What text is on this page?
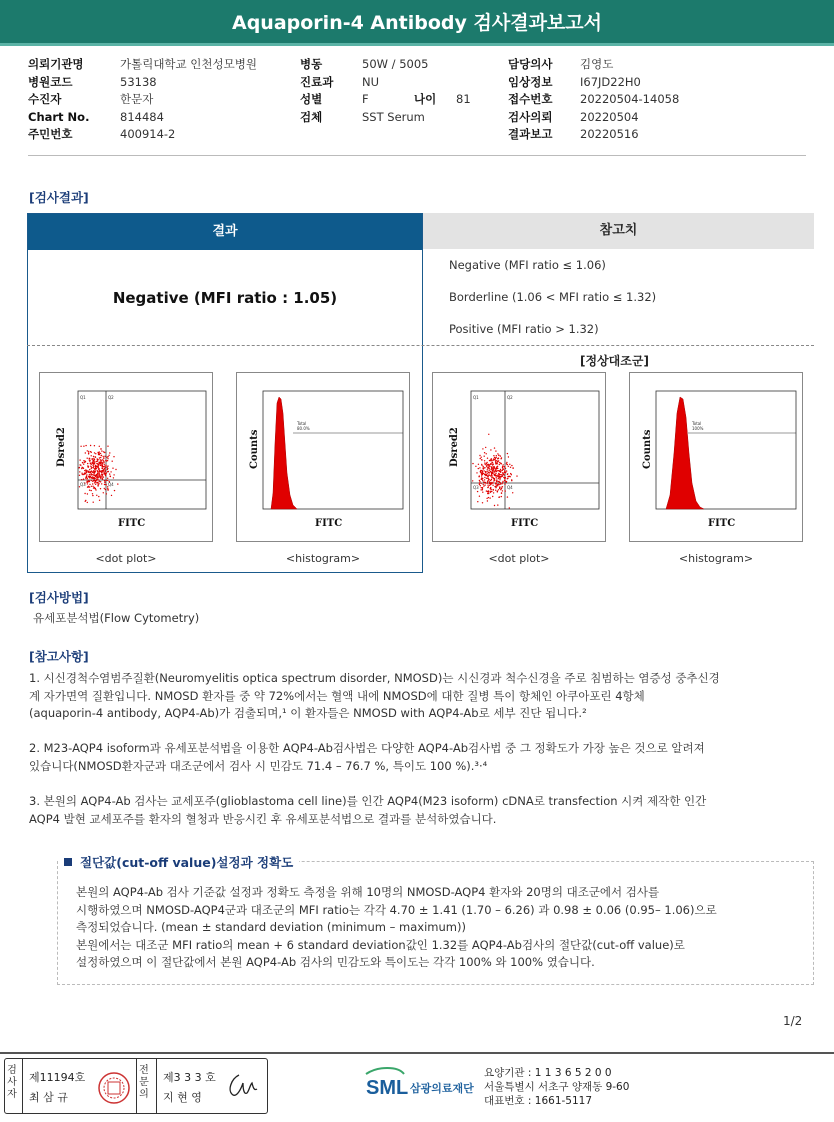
Aquaporin-4 Antibody 검사결과보고서
의뢰기관명	가톨릭대학교 인천성모병원
병원코드	53138
수진자	한문자
Chart No.	814484
주민번호	400914-2
병동	50W / 5005
진료과	NU
성별	F	나이	81
검체	SST Serum
담당의사	김영도
임상정보	I67JD22H0
접수번호	20220504-14058
검사의뢰	20220504
결과보고	20220516
[검사결과]
결과
Negative (MFI ratio : 1.05)
참고치
Negative (MFI ratio ≤ 1.06)
Borderline (1.06 < MFI ratio ≤ 1.32)
Positive (MFI ratio > 1.32)
[정상대조군]
Q1	Q2
Q3	Q4
Dsred2
FITC
<dot plot>
Total
80.0%
Counts
FITC
<histogram>
Q1	Q2
Q3	Q4
Dsred2
FITC
<dot plot>
Total
100%
Counts
FITC
<histogram>
[검사방법]
유세포분석법(Flow Cytometry)
[참고사항]
1. 시신경척수염범주질환(Neuromyelitis optica spectrum disorder, NMOSD)는 시신경과 척수신경을 주로 침범하는 염증성 중추신경
계 자가면역 질환입니다. NMOSD 환자를 중 약 72%에서는 혈액 내에 NMOSD에 대한 질병 특이 항체인 아쿠아포린 4항체
(aquaporin-4 antibody, AQP4-Ab)가 검출되며,¹ 이 환자들은 NMOSD with AQP4-Ab로 세부 진단 됩니다.²
2. M23-AQP4 isoform과 유세포분석법을 이용한 AQP4-Ab검사법은 다양한 AQP4-Ab검사법 중 그 정확도가 가장 높은 것으로 알려져
있습니다(NMOSD환자군과 대조군에서 검사 시 민감도 71.4 – 76.7 %, 특이도 100 %).³·⁴
3. 본원의 AQP4-Ab 검사는 교세포주(glioblastoma cell line)를 인간 AQP4(M23 isoform) cDNA로 transfection 시켜 제작한 인간
AQP4 발현 교세포주를 환자의 혈청과 반응시킨 후 유세포분석법으로 결과를 분석하였습니다.
절단값(cut-off value)설정과 정확도
본원의 AQP4-Ab 검사 기준값 설정과 정확도 측정을 위해 10명의 NMOSD-AQP4 환자와 20명의 대조군에서 검사를
시행하였으며 NMOSD-AQP4군과 대조군의 MFI ratio는 각각 4.70 ± 1.41 (1.70 – 6.26) 과 0.98 ± 0.06 (0.95– 1.06)으로
측정되었습니다. (mean ± standard deviation (minimum – maximum))
본원에서는 대조군 MFI ratio의 mean + 6 standard deviation값인 1.32를 AQP4-Ab검사의 절단값(cut-off value)로
설정하였으며 이 절단값에서 본원 AQP4-Ab 검사의 민감도와 특이도는 각각 100% 와 100% 였습니다.
1/2
검사자
제11194호
최 삼 규
전문의
제3 3 3 호
지 현 영	SML 삼광의료재단
요양기관 : 1 1 3 6 5 2 0 0
서울특별시 서초구 양재동 9-60
대표번호 : 1661-5117
